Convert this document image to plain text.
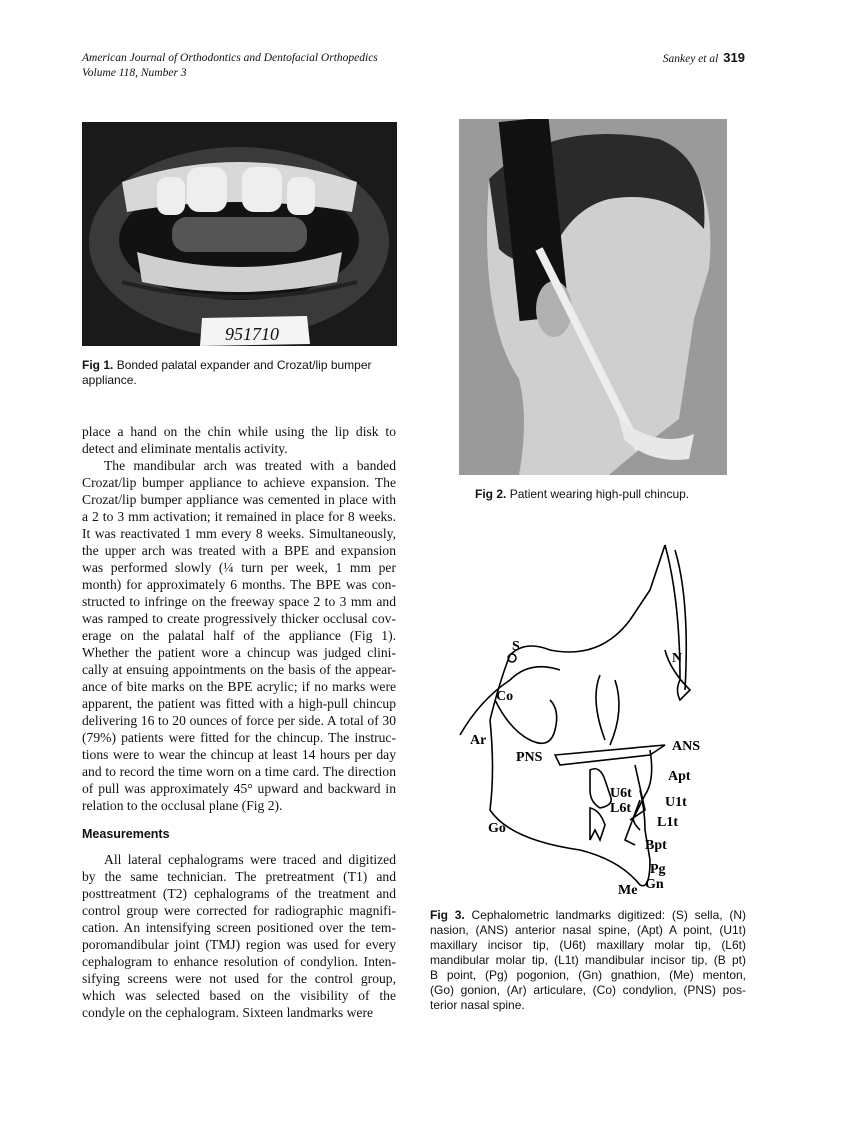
American Journal of Orthodontics and Dentofacial Orthopedics
Volume 118, Number 3
Sankey et al 319
951710
Fig 1. Bonded palatal expander and Crozat/lip bumper appliance.
Fig 2. Patient wearing high-pull chincup.
S
N
Co
Ar
PNS
ANS
Apt
U6t
L6t U1t
L1t
Go
Bpt
Pg
Gn
Me
Fig 3. Cephalometric landmarks digitized: (S) sella, (N)
nasion, (ANS) anterior nasal spine, (Apt) A point, (U1t)
maxillary incisor tip, (U6t) maxillary molar tip, (L6t)
mandibular molar tip, (L1t) mandibular incisor tip, (B pt)
B point, (Pg) pogonion, (Gn) gnathion, (Me) menton,
(Go) gonion, (Ar) articulare, (Co) condylion, (PNS) pos-
terior nasal spine.
place a hand on the chin while using the lip disk to
detect and eliminate mentalis activity.
The mandibular arch was treated with a banded
Crozat/lip bumper appliance to achieve expansion. The
Crozat/lip bumper appliance was cemented in place with
a 2 to 3 mm activation; it remained in place for 8 weeks.
It was reactivated 1 mm every 8 weeks. Simultaneously,
the upper arch was treated with a BPE and expansion
was performed slowly (¼ turn per week, 1 mm per
month) for approximately 6 months. The BPE was con-
structed to infringe on the freeway space 2 to 3 mm and
was ramped to create progressively thicker occlusal cov-
erage on the palatal half of the appliance (Fig 1).
Whether the patient wore a chincup was judged clini-
cally at ensuing appointments on the basis of the appear-
ance of bite marks on the BPE acrylic; if no marks were
apparent, the patient was fitted with a high-pull chincup
delivering 16 to 20 ounces of force per side. A total of 30
(79%) patients were fitted for the chincup. The instruc-
tions were to wear the chincup at least 14 hours per day
and to record the time worn on a time card. The direction
of pull was approximately 45° upward and backward in
relation to the occlusal plane (Fig 2).
Measurements
All lateral cephalograms were traced and digitized
by the same technician. The pretreatment (T1) and
posttreatment (T2) cephalograms of the treatment and
control group were corrected for radiographic magnifi-
cation. An intensifying screen positioned over the tem-
poromandibular joint (TMJ) region was used for every
cephalogram to enhance resolution of condylion. Inten-
sifying screens were not used for the control group,
which was selected based on the visibility of the
condyle on the cephalogram. Sixteen landmarks were
